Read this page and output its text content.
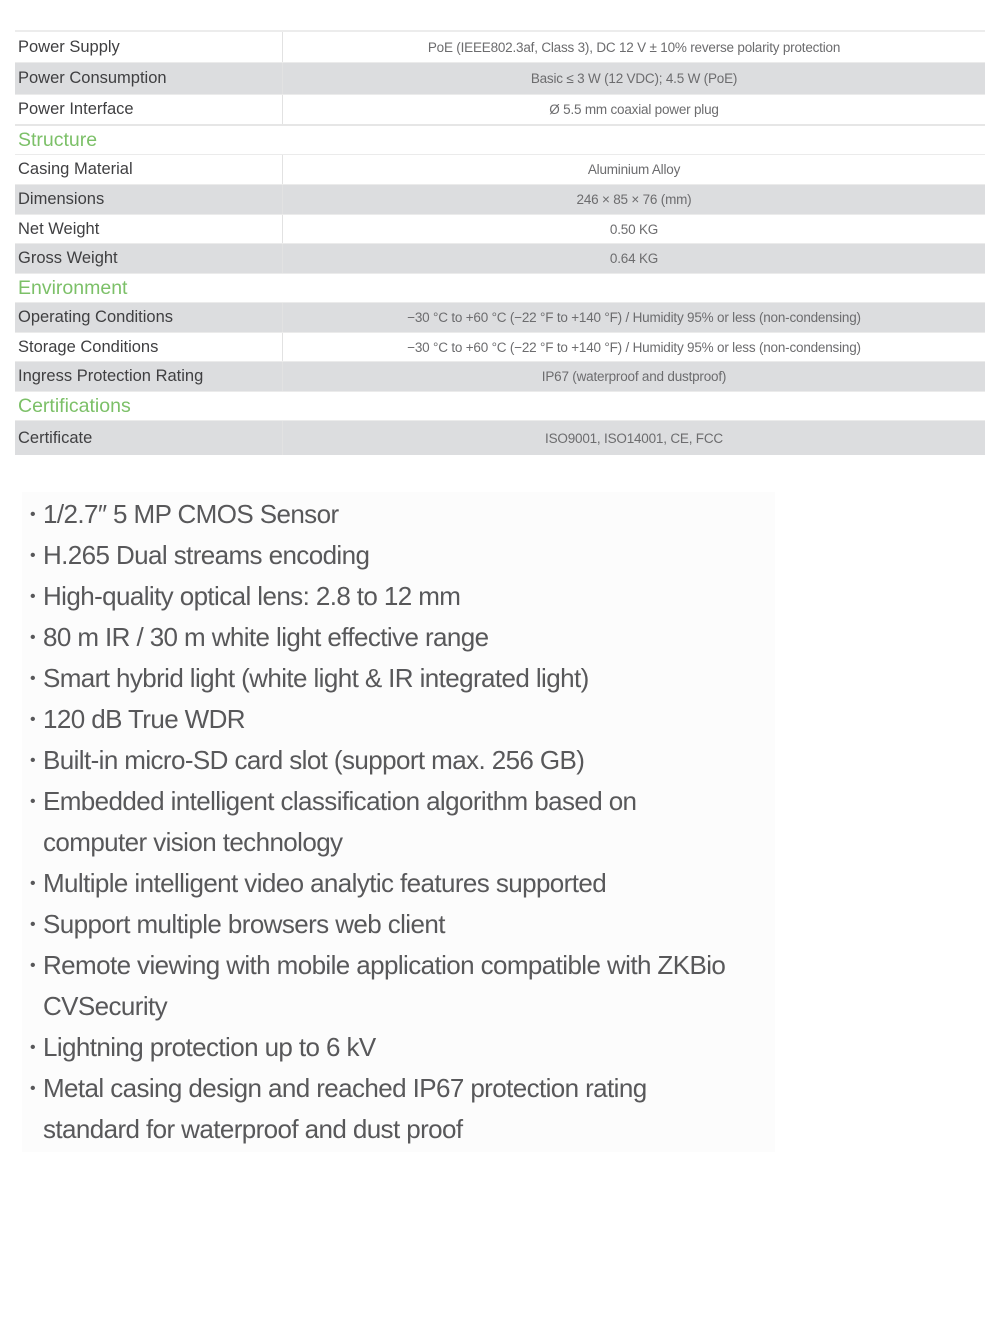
Power Supply	PoE (IEEE802.3af, Class 3), DC 12 V ± 10% reverse polarity protection
Power Consumption	Basic ≤ 3 W (12 VDC); 4.5 W (PoE)
Power Interface	Ø 5.5 mm coaxial power plug
Structure
Casing Material	Aluminium Alloy
Dimensions	246 × 85 × 76 (mm)
Net Weight	0.50 KG
Gross Weight	0.64 KG
Environment
Operating Conditions	−30 °C to +60 °C (−22 °F to +140 °F) / Humidity 95% or less (non-condensing)
Storage Conditions	−30 °C to +60 °C (−22 °F to +140 °F) / Humidity 95% or less (non-condensing)
Ingress Protection Rating	IP67 (waterproof and dustproof)
Certifications
Certificate	ISO9001, ISO14001, CE, FCC
• 1/2.7″ 5 MP CMOS Sensor
• H.265 Dual streams encoding
• High-quality optical lens: 2.8 to 12 mm
• 80 m IR / 30 m white light effective range
• Smart hybrid light (white light & IR integrated light)
• 120 dB True WDR
• Built-in micro-SD card slot (support max. 256 GB)
• Embedded intelligent classification algorithm based on
computer vision technology
• Multiple intelligent video analytic features supported
• Support multiple browsers web client
• Remote viewing with mobile application compatible with ZKBio
CVSecurity
• Lightning protection up to 6 kV
• Metal casing design and reached IP67 protection rating
standard for waterproof and dust proof
